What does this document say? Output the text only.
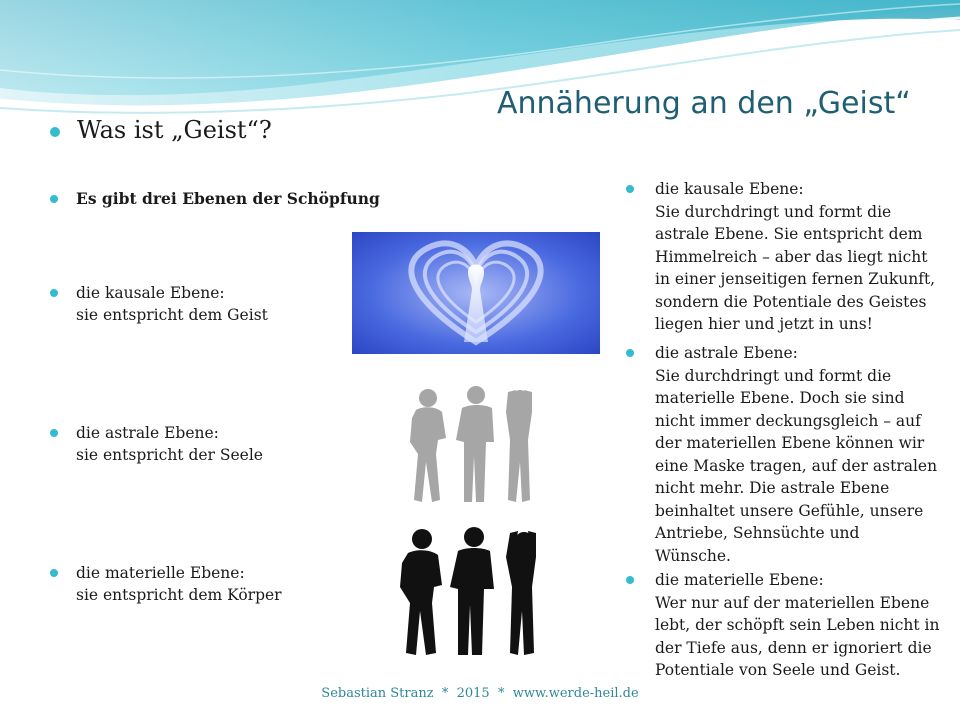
Annäherung an den „Geist“
Was ist „Geist“?
Es gibt drei Ebenen der Schöpfung
die kausale Ebene:
sie entspricht dem Geist
die astrale Ebene:
sie entspricht der Seele
die materielle Ebene:
sie entspricht dem Körper
die kausale Ebene:
Sie durchdringt und formt die
astrale Ebene. Sie entspricht dem
Himmelreich – aber das liegt nicht
in einer jenseitigen fernen Zukunft,
sondern die Potentiale des Geistes
liegen hier und jetzt in uns!
die astrale Ebene:
Sie durchdringt und formt die
materielle Ebene. Doch sie sind
nicht immer deckungsgleich – auf
der materiellen Ebene können wir
eine Maske tragen, auf der astralen
nicht mehr. Die astrale Ebene
beinhaltet unsere Gefühle, unsere
Antriebe, Sehnsüchte und
Wünsche.
die materielle Ebene:
Wer nur auf der materiellen Ebene
lebt, der schöpft sein Leben nicht in
der Tiefe aus, denn er ignoriert die
Potentiale von Seele und Geist.
Sebastian Stranz  *  2015  *  www.werde-heil.de
